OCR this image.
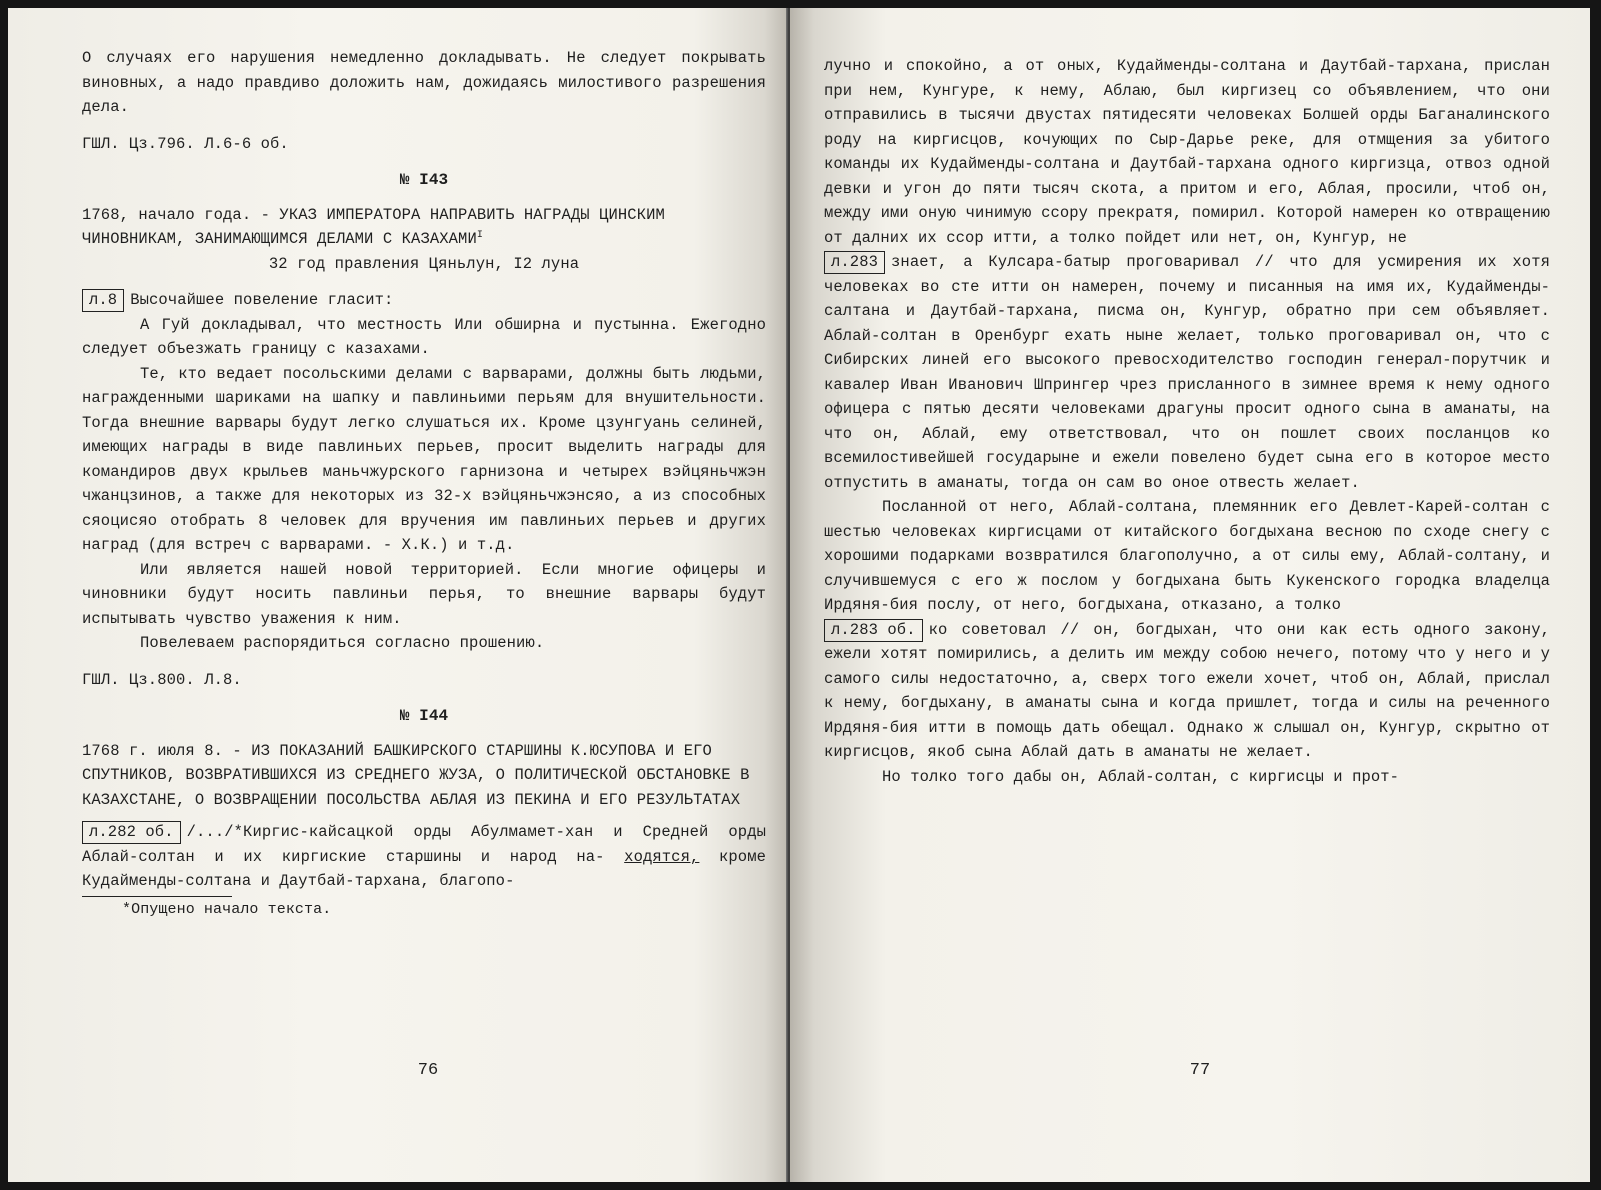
О случаях его нарушения немедленно докладывать. Не следует покрывать виновных, а надо правдиво доложить нам, дожидаясь милостивого разрешения дела.

ГШЛ. Цз.796. Л.6-6 об.

№ I43

1768, начало года. - УКАЗ ИМПЕРАТОРА НАПРАВИТЬ НАГРАДЫ ЦИНСКИМ ЧИНОВНИКАМ, ЗАНИМАЮЩИМСЯ ДЕЛАМИ С $КАЗАХАМИ^I$

32 год правления Цяньлун, I2 луна

л.8 Высочайшее повеление гласит:

А Гуй докладывал, что местность Или обширна и пустынна. Ежегодно следует объезжать границу с казахами.

Те, кто ведает посольскими делами с варварами, должны быть людьми, награжденными шариками на шапку и павлиньими перьям для внушительности. Тогда внешние варвары будут легко слушаться их. Кроме цзунгуань селиней, имеющих награды в виде павлиньих перьев, просит выделить награды для командиров двух крыльев маньчжурского гарнизона и четырех вэйцяньчжэн чжанцзинов, а также для некоторых из 32-х вэйцяньчжэнсяо, а из способных сяоцисяо отобрать 8 человек для вручения им павлиньих перьев и других наград (для встреч с варварами. - Х.К.) и т.д.

Или является нашей новой территорией. Если многие офицеры и чиновники будут носить павлиньи перья, то внешние варвары будут испытывать чувство уважения к ним.

Повелеваем распорядиться согласно прошению.

ГШЛ. Цз.800. Л.8.

№ I44

1768 г. июля 8. - ИЗ ПОКАЗАНИЙ БАШКИРСКОГО СТАРШИНЫ К.ЮСУПОВА И ЕГО СПУТНИКОВ, ВОЗВРАТИВШИХСЯ ИЗ СРЕДНЕГО ЖУЗА, О ПОЛИТИЧЕСКОЙ ОБСТАНОВКЕ В КАЗАХСТАНЕ, О ВОЗВРАЩЕНИИ ПОСОЛЬСТВА АБЛАЯ ИЗ ПЕКИНА И ЕГО РЕЗУЛЬТАТАХ

л.282 об. /.../*Киргис-кайсацкой орды Абулмамет-хан и Средней орды Аблай-солтан и их киргиские старшины и народ на- ходятся, кроме Кудайменды-солтана и Даутбай-тархана, благопо-

*Опущено начало текста.

76

лучно и спокойно, а от оных, Кудайменды-солтана и Даутбай-тархана, прислан при нем, Кунгуре, к нему, Аблаю, был киргизец со объявлением, что они отправились в тысячи двустах пятидесяти человеках Болшей орды Баганалинского роду на киргисцов, кочующих по Сыр-Дарье реке, для отмщения за убитого команды их Кудайменды-солтана и Даутбай-тархана одного киргизца, отвоз одной девки и угон до пяти тысяч скота, а притом и его, Аблая, просили, чтоб он, между ими оную чинимую ссору прекратя, помирил. Которой намерен ко отвращению от далних их ссор итти, а толко пойдет или нет, он, Кунгур, не

л.283 знает, а Кулсара-батыр проговаривал // что для усмирения их хотя человеках во сте итти он намерен, почему и писанныя на имя их, Кудайменды-салтана и Даутбай-тархана, писма он, Кунгур, обратно при сем объявляет. Аблай-солтан в Оренбург ехать ныне желает, только проговаривал он, что с Сибирских линей его высокого превосходителство господин генерал-порутчик и кавалер Иван Иванович Шпрингер чрез присланного в зимнее время к нему одного офицера с пятью десяти человеками драгуны просит одного сына в аманаты, на что он, Аблай, ему ответствовал, что он пошлет своих посланцов ко всемилостивейшей государыне и ежели повелено будет сына его в которое место отпустить в аманаты, тогда он сам во оное отвесть желает.

Посланной от него, Аблай-солтана, племянник его Девлет-Карей-солтан с шестью человеках киргисцами от китайского богдыхана весною по сходе снегу с хорошими подарками возвратился благополучно, а от силы ему, Аблай-солтану, и случившемуся с его ж послом у богдыхана быть Кукенского городка владелца Ирдяня-бия послу, от него, богдыхана, отказано, а толко

л.283 об. ко советовал // он, богдыхан, что они как есть одного закону, ежели хотят помирились, а делить им между собою нечего, потому что у него и у самого силы недостаточно, а, сверх того ежели хочет, чтоб он, Аблай, прислал к нему, богдыхану, в аманаты сына и когда пришлет, тогда и силы на реченного Ирдяня-бия итти в помощь дать обещал. Однако ж слышал он, Кунгур, скрытно от киргисцов, якоб сына Аблай дать в аманаты не желает.

Но толко того дабы он, Аблай-солтан, с киргисцы и прот-

77
